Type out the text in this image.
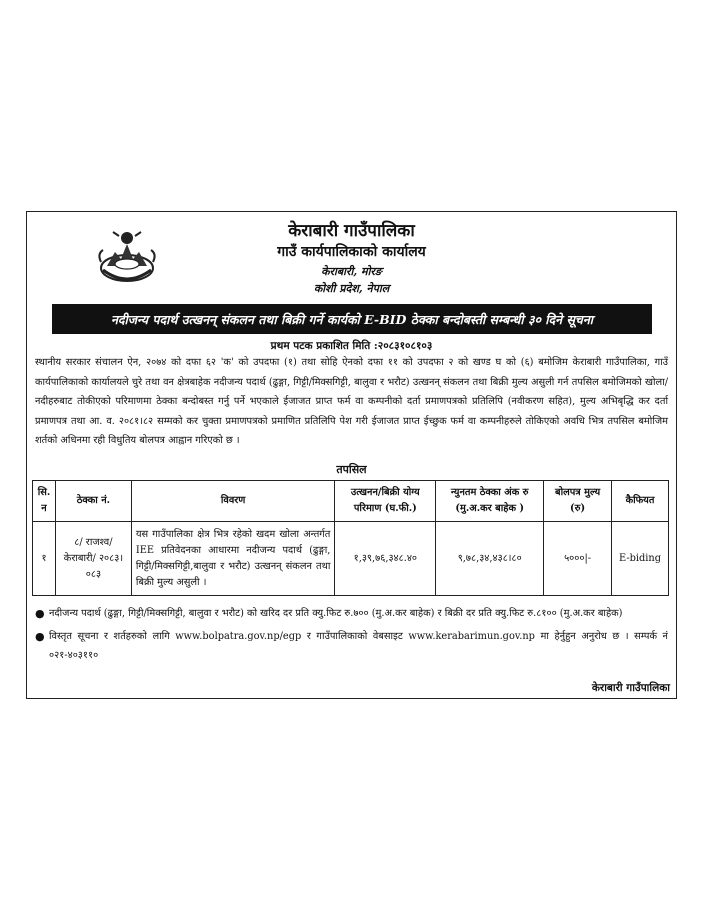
केराबारी गाउँपालिका
गाउँ कार्यपालिकाको कार्यालय
केराबारी, मोरङ
कोशी प्रदेश, नेपाल
नदीजन्य पदार्थ उत्खनन् संकलन तथा बिक्री गर्ने कार्यको E-BID ठेक्का बन्दोबस्ती सम्बन्धी ३० दिने सूचना
प्रथम पटक प्रकाशित मिति :२०८३१०८१०३

स्थानीय सरकार संचालन ऐन, २०७४ को दफा ६२ 'क' को उपदफा (१) तथा सोहि ऐनको दफा ११ को उपदफा २ को खण्ड घ को (६) बमोजिम केराबारी गाउँपालिका, गाउँ कार्यपालिकाको कार्यालयले चुरे तथा वन क्षेत्रबाहेक नदीजन्य पदार्थ (ढुङ्गा, गिट्टी/मिक्सगिट्टी, बालुवा र भरौट) उत्खनन् संकलन तथा बिक्री मुल्य असुली गर्न तपसिल बमोजिमको खोला/नदीहरुबाट तोकीएको परिमाणमा ठेक्का बन्दोबस्त गर्नु पर्ने भएकाले ईजाजत प्राप्त फर्म वा कम्पनीको दर्ता प्रमाणपत्रको प्रतिलिपि (नवीकरण सहित), मुल्य अभिबृद्धि कर दर्ता प्रमाणपत्र तथा आ. व. २०८१।८२ सम्मको कर चुक्ता प्रमाणपत्रको प्रमाणित प्रतिलिपि पेश गरी ईजाजत प्राप्त ईच्छुक फर्म वा कम्पनीहरुले तोकिएको अवधि भित्र तपसिल बमोजिम शर्तको अधिनमा रही विधुतिय बोलपत्र आह्वान गरिएको छ ।

तपसिल
सि. न	ठेक्का नं.	विवरण	उत्खनन/बिक्री योग्य परिमाण (घ.फी.)	न्युनतम ठेक्का अंक रु (मु.अ.कर बाहेक )	बोलपत्र मुल्य (रु)	कैफियत
१	८/ राजश्व/ केराबारी/ २०८३।०८३	यस गाउँपालिका क्षेत्र भित्र रहेको खदम खोला अन्तर्गत IEE प्रतिवेदनका आधारमा नदीजन्य पदार्थ (ढुङ्गा, गिट्टी/मिक्सगिट्टी,बालुवा र भरौट) उत्खनन् संकलन तथा बिक्री मुल्य असुली ।	१,३९,७६,३४८.४०	९,७८,३४,४३८।८०	५०००|-	E-biding
● नदीजन्य पदार्थ (ढुङ्गा, गिट्टी/मिक्सगिट्टी, बालुवा र भरौट) को खरिद दर प्रति क्यु.फिट रु.७०० (मु.अ.कर बाहेक) र बिक्री दर प्रति क्यु.फिट रु.८१०० (मु.अ.कर बाहेक)
● विस्तृत सूचना र शर्तहरुको लागि www.bolpatra.gov.np/egp र गाउँपालिकाको वेबसाइट www.kerabarimun.gov.np मा हेर्नुहुन अनुरोध छ । सम्पर्क नं ०२१-४०३११०
केराबारी गाउँपालिका
